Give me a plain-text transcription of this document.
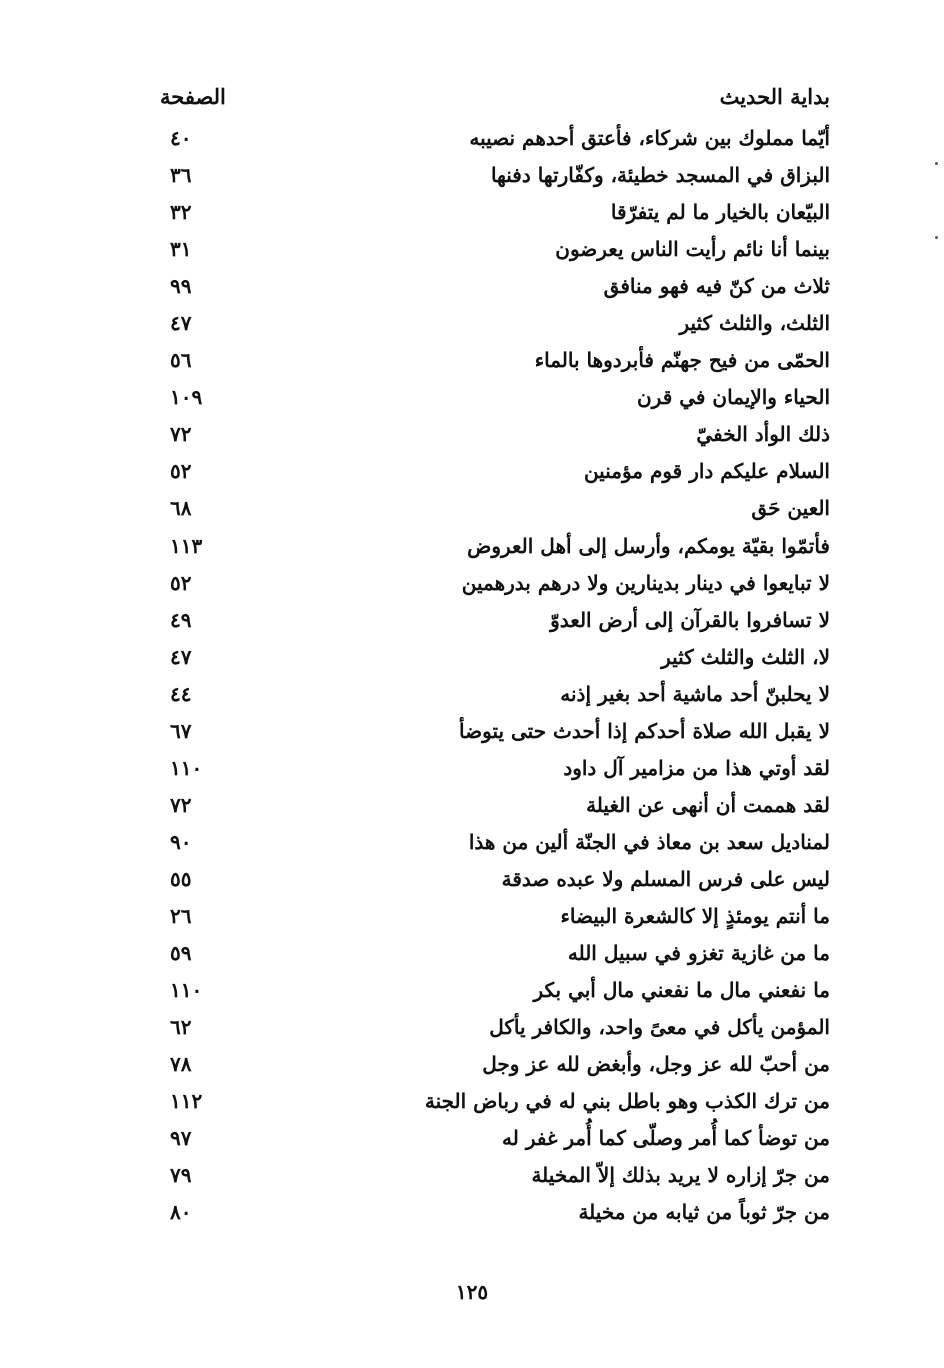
بداية الحديث
الصفحة
أيّما مملوك بين شركاء، فأعتق أحدهم نصيبه
٤٠
البزاق في المسجد خطيئة، وكفّارتها دفنها
٣٦
البيّعان بالخيار ما لم يتفرّقا
٣٢
بينما أنا نائم رأيت الناس يعرضون
٣١
ثلاث من كنّ فيه فهو منافق
٩٩
الثلث، والثلث كثير
٤٧
الحمّى من فيح جهنّم فأبردوها بالماء
٥٦
الحياء والإيمان في قرن
١٠٩
ذلك الوأد الخفيّ
٧٢
السلام عليكم دار قوم مؤمنين
٥٢
العين حَق
٦٨
فأتمّوا بقيّة يومكم، وأرسل إلى أهل العروض
١١٣
لا تبايعوا في دينار بدينارين ولا درهم بدرهمين
٥٢
لا تسافروا بالقرآن إلى أرض العدوّ
٤٩
لا، الثلث والثلث كثير
٤٧
لا يحلبنّ أحد ماشية أحد بغير إذنه
٤٤
لا يقبل الله صلاة أحدكم إذا أحدث حتى يتوضأ
٦٧
لقد أوتي هذا من مزامير آل داود
١١٠
لقد هممت أن أنهى عن الغيلة
٧٢
لمناديل سعد بن معاذ في الجنّة ألين من هذا
٩٠
ليس على فرس المسلم ولا عبده صدقة
٥٥
ما أنتم يومئذٍ إلا كالشعرة البيضاء
٢٦
ما من غازية تغزو في سبيل الله
٥٩
ما نفعني مال ما نفعني مال أبي بكر
١١٠
المؤمن يأكل في معىً واحد، والكافر يأكل
٦٢
من أحبّ لله عز وجل، وأبغض لله عز وجل
٧٨
من ترك الكذب وهو باطل بني له في رباض الجنة
١١٢
من توضأ كما أُمر وصلّى كما أُمر غفر له
٩٧
من جرّ إزاره لا يريد بذلك إلاّ المخيلة
٧٩
من جرّ ثوباً من ثيابه من مخيلة
٨٠
١٢٥
